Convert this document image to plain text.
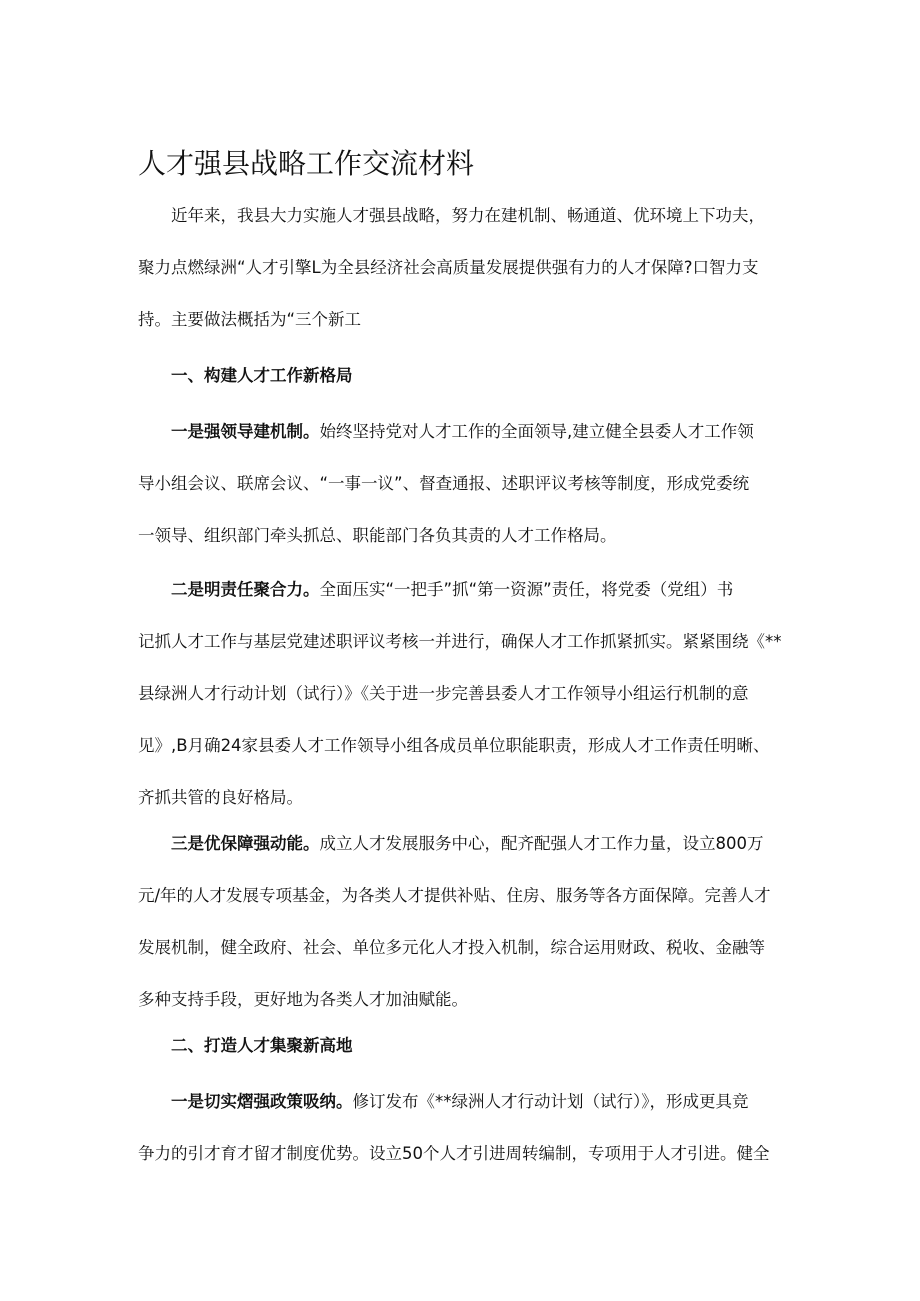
人才强县战略工作交流材料
近年来，我县大力实施人才强县战略，努力在建机制、畅通道、优环境上下功夫，
聚力点燃绿洲“人才引擎L为全县经济社会高质量发展提供强有力的人才保障?口智力支
持。主要做法概括为“三个新工
一、构建人才工作新格局
一是强领导建机制。始终坚持党对人才工作的全面领导,建立健全县委人才工作领
导小组会议、联席会议、“一事一议”、督查通报、述职评议考核等制度，形成党委统
一领导、组织部门牵头抓总、职能部门各负其责的人才工作格局。
二是明责任聚合力。全面压实“一把手”抓“第一资源”责任，将党委（党组）书
记抓人才工作与基层党建述职评议考核一并进行，确保人才工作抓紧抓实。紧紧围绕《**
县绿洲人才行动计划（试行）》《关于进一步完善县委人才工作领导小组运行机制的意
见》,B月确24家县委人才工作领导小组各成员单位职能职责，形成人才工作责任明晰、
齐抓共管的良好格局。
三是优保障强动能。成立人才发展服务中心，配齐配强人才工作力量，设立800万
元/年的人才发展专项基金，为各类人才提供补贴、住房、服务等各方面保障。完善人才
发展机制，健全政府、社会、单位多元化人才投入机制，综合运用财政、税收、金融等
多种支持手段，更好地为各类人才加油赋能。
二、打造人才集聚新高地
一是切实熠强政策吸纳。修订发布《**绿洲人才行动计划（试行）》，形成更具竞
争力的引才育才留才制度优势。设立50个人才引进周转编制，专项用于人才引进。健全
